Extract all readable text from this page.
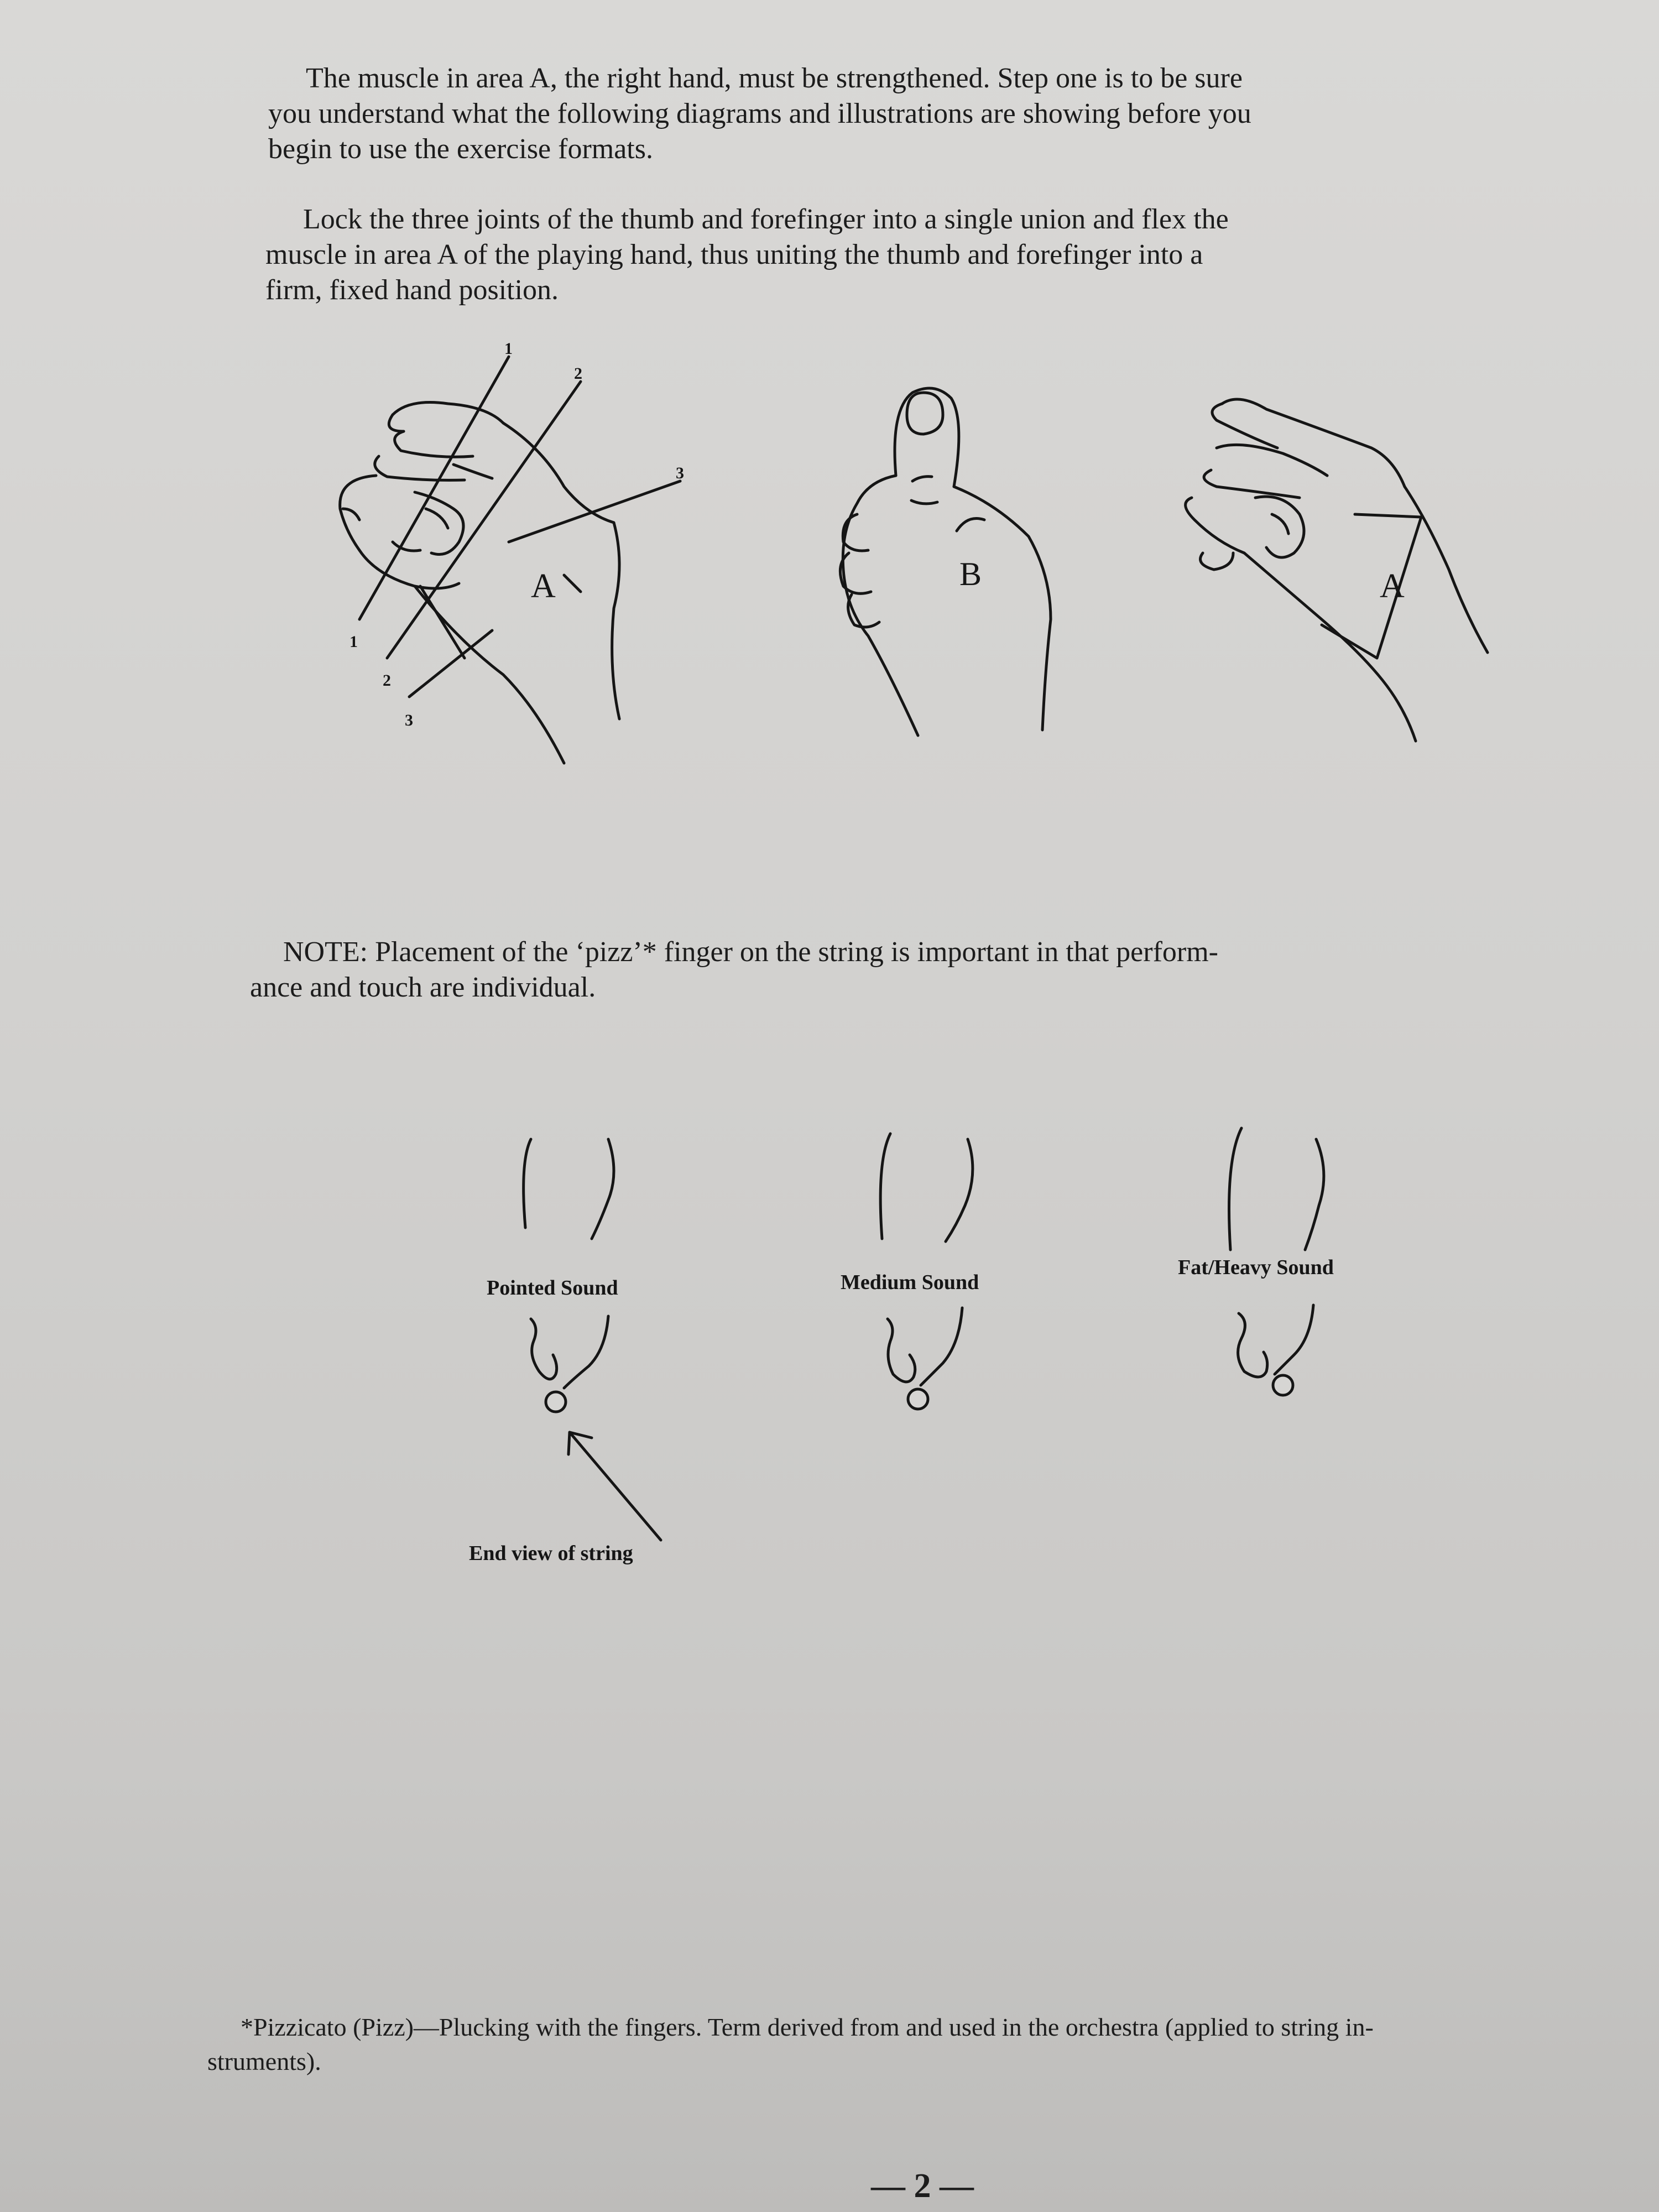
The muscle in area A, the right hand, must be strengthened. Step one is to be sure
you understand what the following diagrams and illustrations are showing before you
begin to use the exercise formats.
Lock the three joints of the thumb and forefinger into a single union and flex the
muscle in area A of the playing hand, thus uniting the thumb and forefinger into a
firm, fixed hand position.
1
2
3
1
2
3
A	B	A
NOTE: Placement of the ‘pizz’* finger on the string is important in that perform-
ance and touch are individual.
Pointed Sound	Medium Sound
Fat/Heavy Sound
End view of string
*Pizzicato (Pizz)—Plucking with the fingers. Term derived from and used in the orchestra (applied to string in-
struments).
— 2 —
